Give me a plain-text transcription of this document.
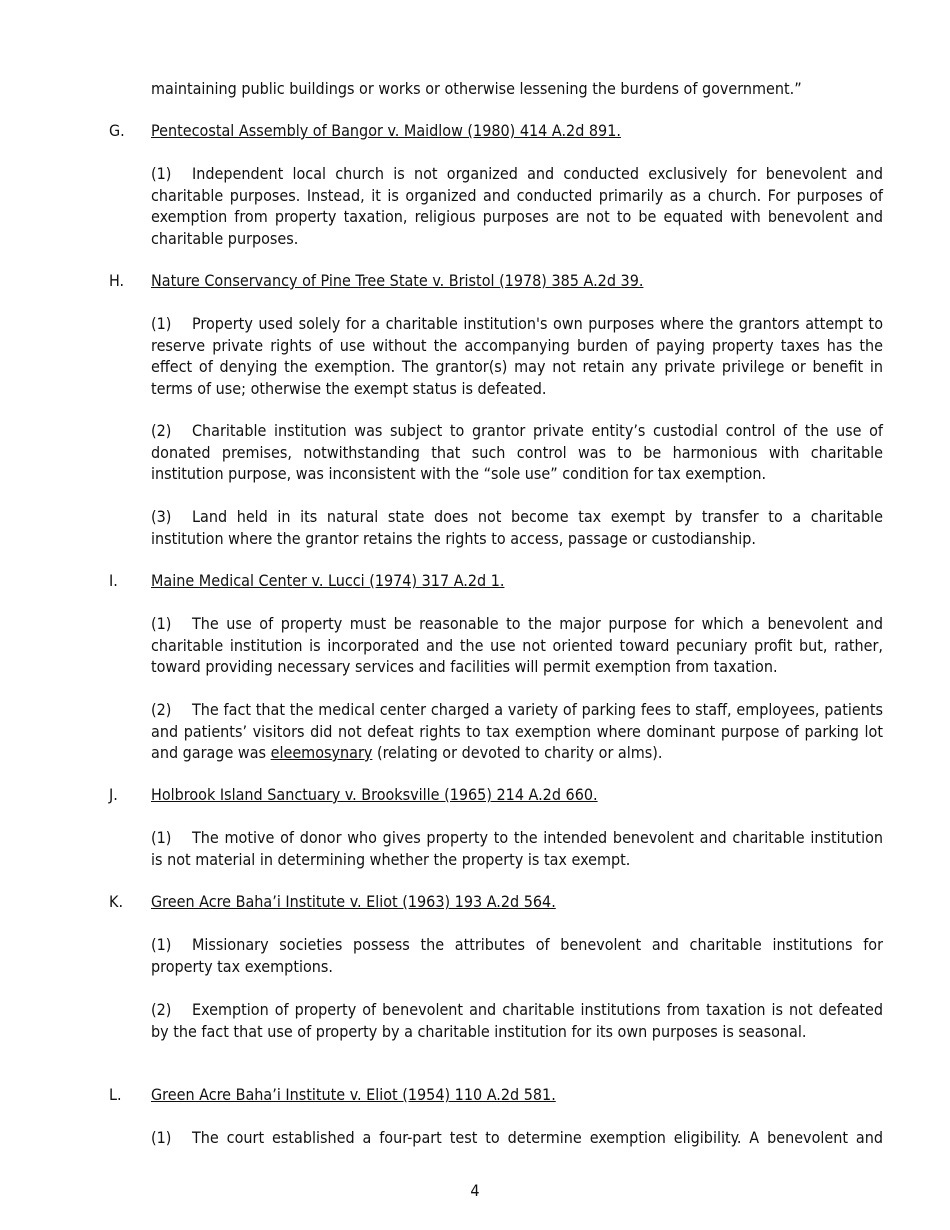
maintaining public buildings or works or otherwise lessening the burdens of government.”
G.	Pentecostal Assembly of Bangor v. Maidlow (1980) 414 A.2d 891.
(1) Independent local church is not organized and conducted exclusively for benevolent and charitable purposes. Instead, it is organized and conducted primarily as a church. For purposes of exemption from property taxation, religious purposes are not to be equated with benevolent and charitable purposes.
H.	Nature Conservancy of Pine Tree State v. Bristol (1978) 385 A.2d 39.
(1) Property used solely for a charitable institution's own purposes where the grantors attempt to reserve private rights of use without the accompanying burden of paying property taxes has the effect of denying the exemption. The grantor(s) may not retain any private privilege or benefit in terms of use; otherwise the exempt status is defeated.
(2) Charitable institution was subject to grantor private entity’s custodial control of the use of donated premises, notwithstanding that such control was to be harmonious with charitable institution purpose, was inconsistent with the “sole use” condition for tax exemption.
(3) Land held in its natural state does not become tax exempt by transfer to a charitable institution where the grantor retains the rights to access, passage or custodianship.
I.	Maine Medical Center v. Lucci (1974) 317 A.2d 1.
(1) The use of property must be reasonable to the major purpose for which a benevolent and charitable institution is incorporated and the use not oriented toward pecuniary profit but, rather, toward providing necessary services and facilities will permit exemption from taxation.
(2) The fact that the medical center charged a variety of parking fees to staff, employees, patients and patients’ visitors did not defeat rights to tax exemption where dominant purpose of parking lot and garage was eleemosynary (relating or devoted to charity or alms).
J.	Holbrook Island Sanctuary v. Brooksville (1965) 214 A.2d 660.
(1) The motive of donor who gives property to the intended benevolent and charitable institution is not material in determining whether the property is tax exempt.
K.	Green Acre Baha’i Institute v. Eliot (1963) 193 A.2d 564.
(1) Missionary societies possess the attributes of benevolent and charitable institutions for property tax exemptions.
(2) Exemption of property of benevolent and charitable institutions from taxation is not defeated by the fact that use of property by a charitable institution for its own purposes is seasonal.
L.	Green Acre Baha’i Institute v. Eliot (1954) 110 A.2d 581.
(1) The court established a four-part test to determine exemption eligibility. A benevolent and
4
